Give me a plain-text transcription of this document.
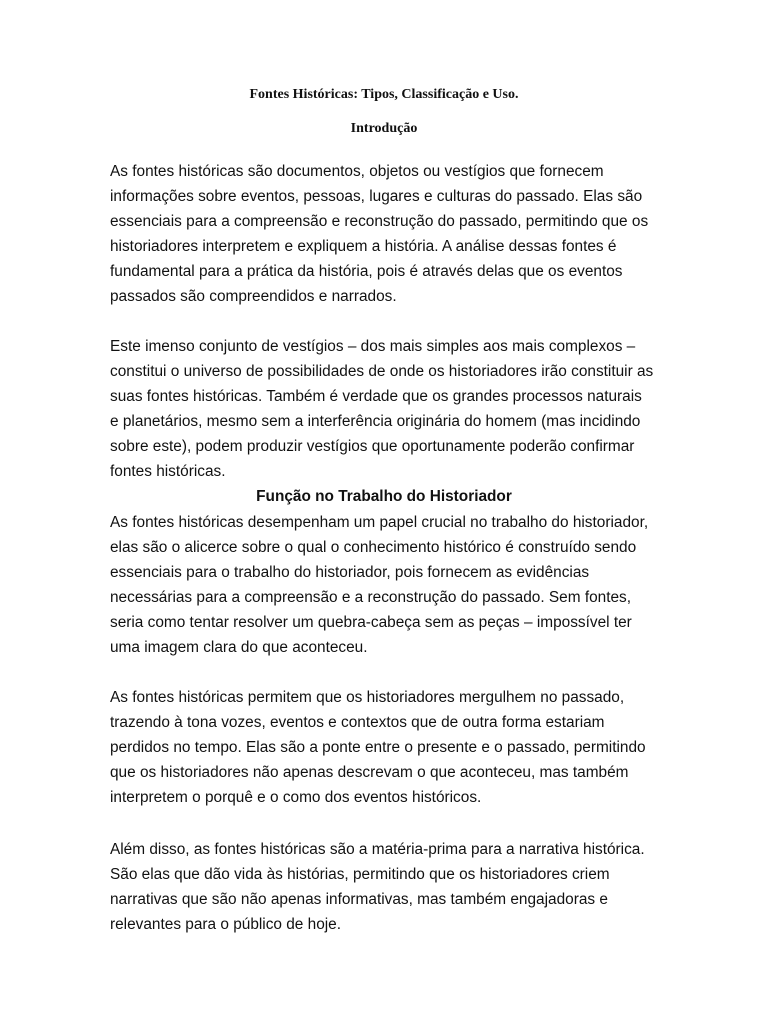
Fontes Históricas: Tipos, Classificação e Uso.
Introdução

As fontes históricas são documentos, objetos ou vestígios que fornecem
informações sobre eventos, pessoas, lugares e culturas do passado. Elas são
essenciais para a compreensão e reconstrução do passado, permitindo que os
historiadores interpretem e expliquem a história. A análise dessas fontes é
fundamental para a prática da história, pois é através delas que os eventos
passados são compreendidos e narrados.

Este imenso conjunto de vestígios – dos mais simples aos mais complexos –
constitui o universo de possibilidades de onde os historiadores irão constituir as
suas fontes históricas. Também é verdade que os grandes processos naturais
e planetários, mesmo sem a interferência originária do homem (mas incidindo
sobre este), podem produzir vestígios que oportunamente poderão confirmar
fontes históricas.

Função no Trabalho do Historiador

As fontes históricas desempenham um papel crucial no trabalho do historiador,
elas são o alicerce sobre o qual o conhecimento histórico é construído sendo
essenciais para o trabalho do historiador, pois fornecem as evidências
necessárias para a compreensão e a reconstrução do passado. Sem fontes,
seria como tentar resolver um quebra-cabeça sem as peças – impossível ter
uma imagem clara do que aconteceu.

As fontes históricas permitem que os historiadores mergulhem no passado,
trazendo à tona vozes, eventos e contextos que de outra forma estariam
perdidos no tempo. Elas são a ponte entre o presente e o passado, permitindo
que os historiadores não apenas descrevam o que aconteceu, mas também
interpretem o porquê e o como dos eventos históricos.

Além disso, as fontes históricas são a matéria-prima para a narrativa histórica.
São elas que dão vida às histórias, permitindo que os historiadores criem
narrativas que são não apenas informativas, mas também engajadoras e
relevantes para o público de hoje.
